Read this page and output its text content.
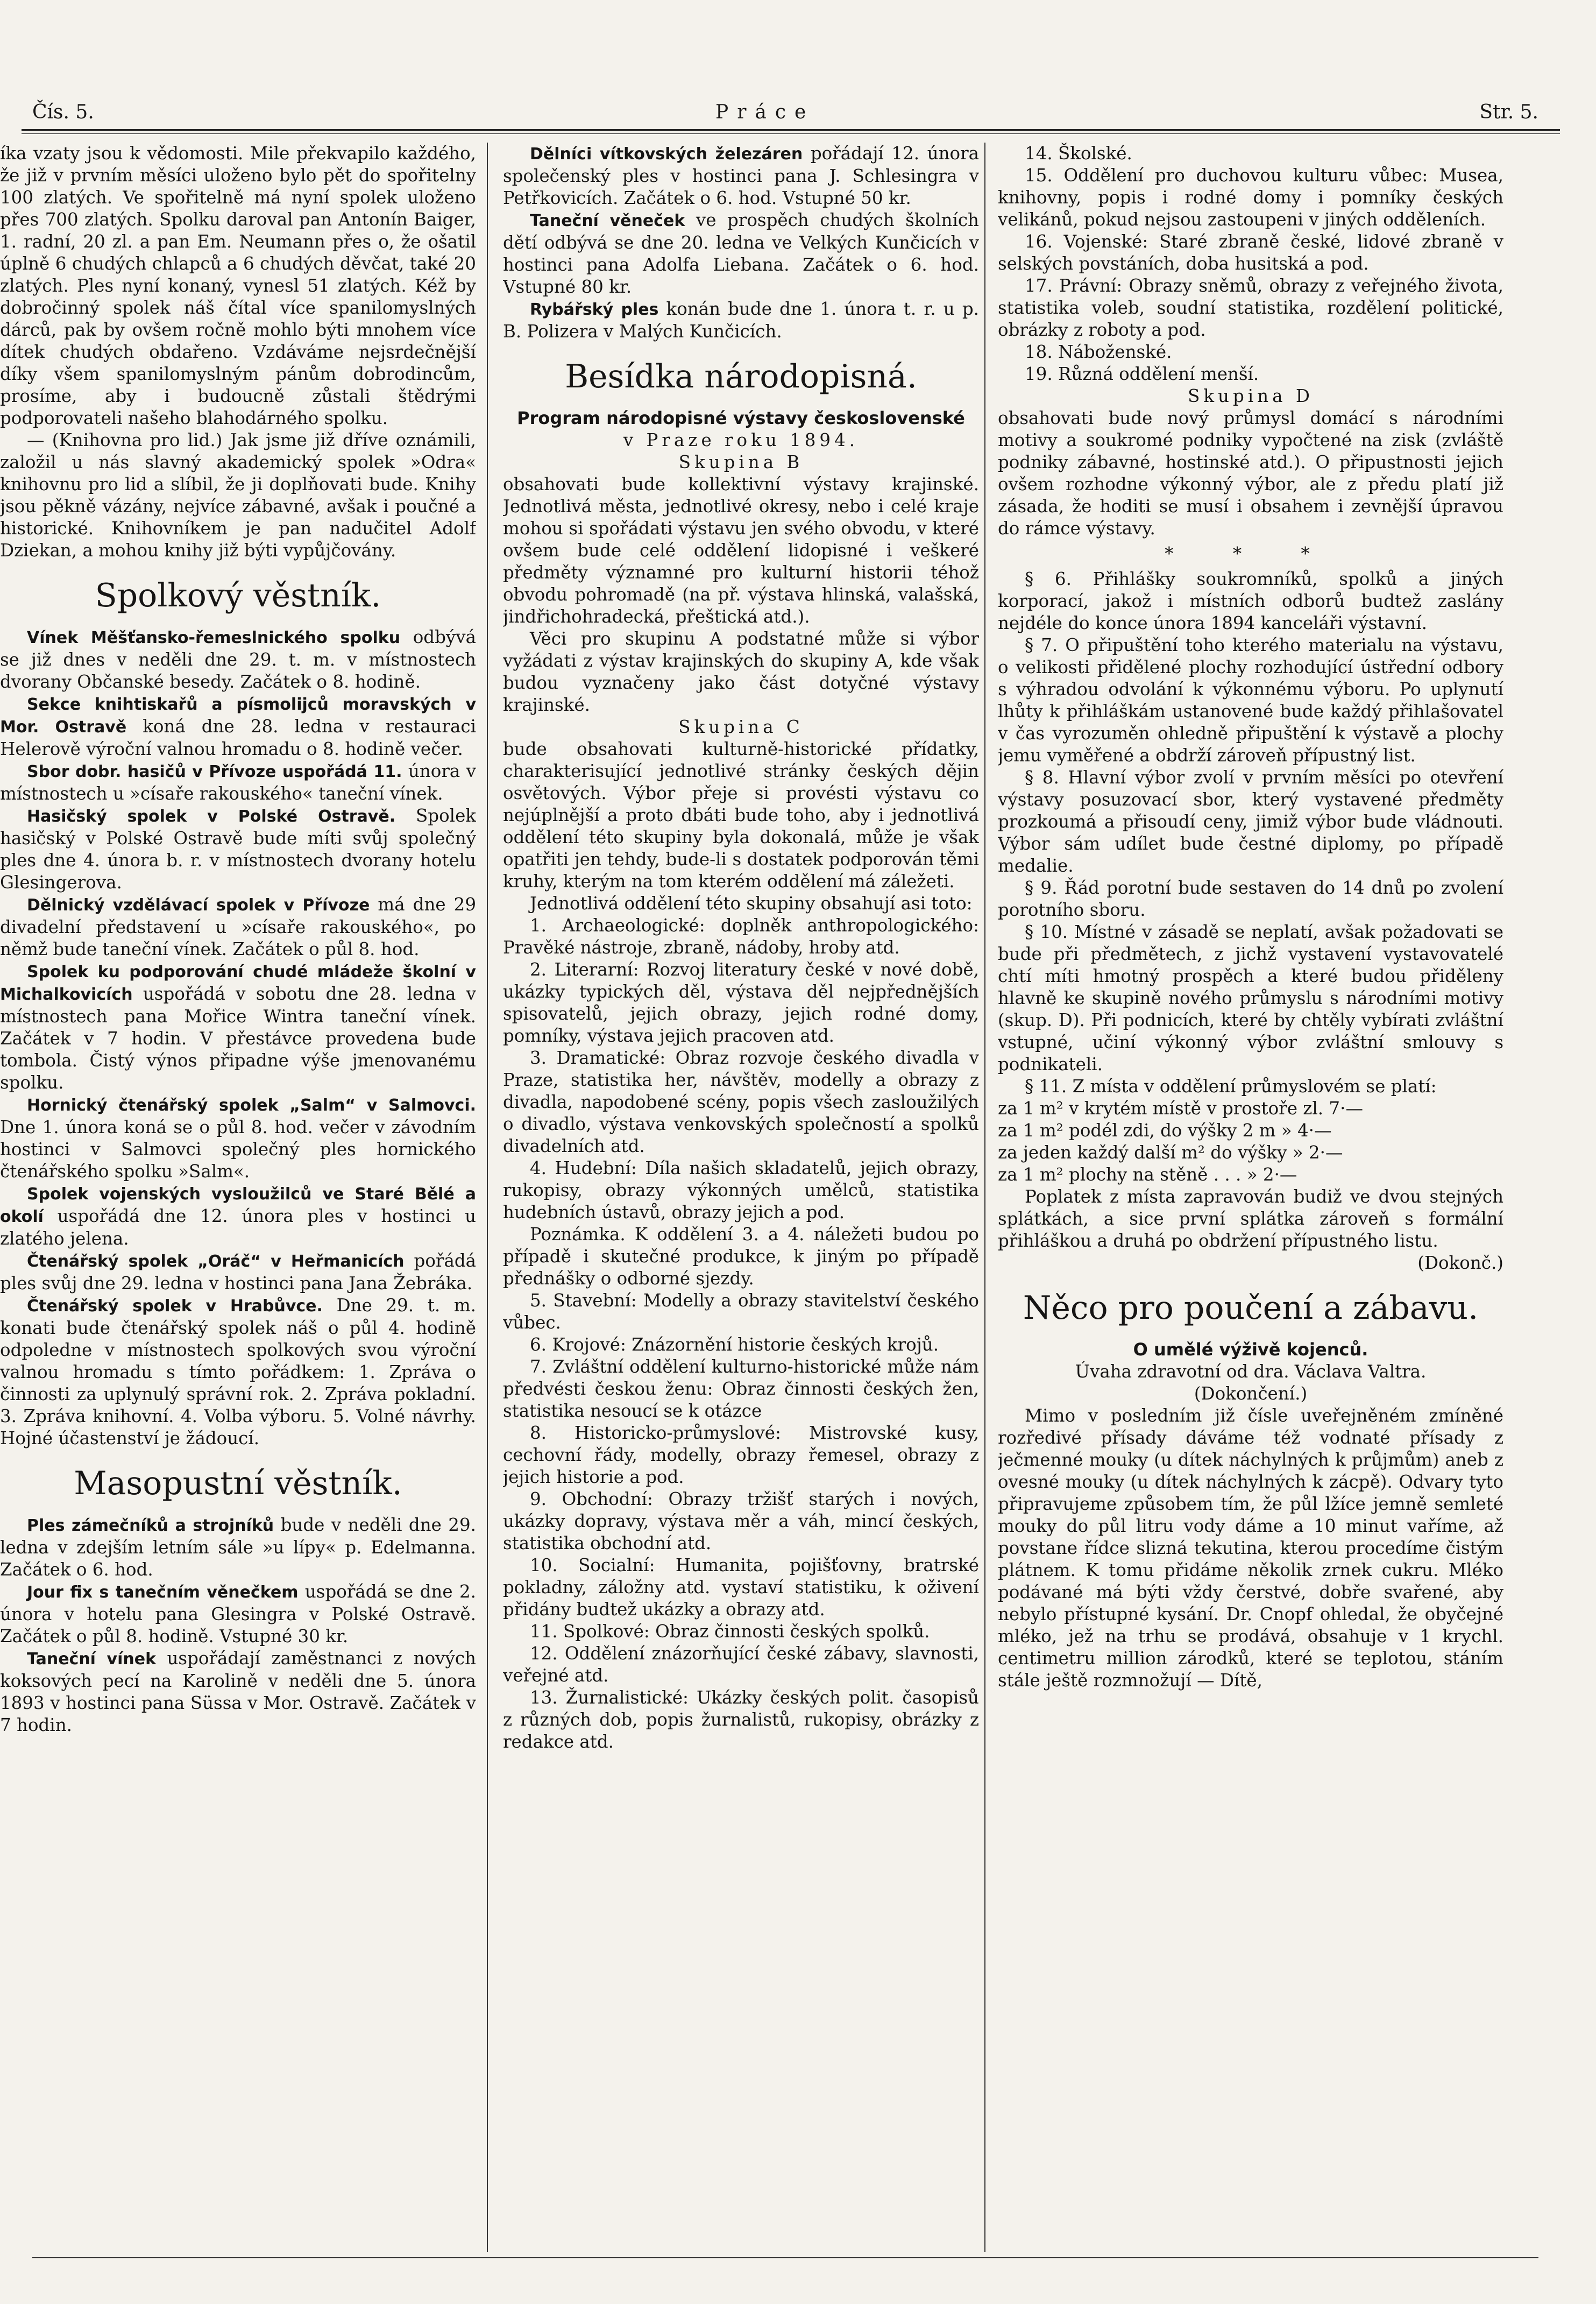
Čís. 5.	Práce	Str. 5.

íka vzaty jsou k vědomosti. Mile překvapilo každého, že již v prvním měsíci uloženo bylo pět do spořitelny 100 zlatých. Ve spořitelně má nyní spolek uloženo přes 700 zlatých. Spolku daroval pan Antonín Baiger, 1. radní, 20 zl. a pan Em. Neumann přes o, že ošatil úplně 6 chudých chlapců a 6 chudých děvčat, také 20 zlatých. Ples nyní konaný, vynesl 51 zlatých. Kéž by dobročinný spolek náš čítal více spanilomyslných dárců, pak by ovšem ročně mohlo býti mnohem více dítek chudých obdařeno. Vzdáváme nejsrdečnější díky všem spanilomyslným pánům dobrodincům, prosíme, aby i budoucně zůstali štědrými podporovateli našeho blahodárného spolku.

— (Knihovna pro lid.) Jak jsme již dříve oznámili, založil u nás slavný akademický spolek »Odra« knihovnu pro lid a slíbil, že ji doplňovati bude. Knihy jsou pěkně vázány, nejvíce zábavné, avšak i poučné a historické. Knihovníkem je pan nadučitel Adolf Dziekan, a mohou knihy již býti vypůjčovány.

Spolkový věstník.

Vínek Měšťansko-řemeslnického spolku odbývá se již dnes v neděli dne 29. t. m. v místnostech dvorany Občanské besedy. Začátek o 8. hodině.

Sekce knihtiskařů a písmolijců moravských v Mor. Ostravě koná dne 28. ledna v restauraci Helerově výroční valnou hromadu o 8. hodině večer.

Sbor dobr. hasičů v Přívoze uspořádá 11. února v místnostech u »císaře rakouského« taneční vínek.

Hasičský spolek v Polské Ostravě. Spolek hasičský v Polské Ostravě bude míti svůj společný ples dne 4. února b. r. v místnostech dvorany hotelu Glesingerova.

Dělnický vzdělávací spolek v Přívoze má dne 29 divadelní představení u »císaře rakouského«, po němž bude taneční vínek. Začátek o půl 8. hod.

Spolek ku podporování chudé mládeže školní v Michalkovicích uspořádá v sobotu dne 28. ledna v místnostech pana Mořice Wintra taneční vínek. Začátek v 7 hodin. V přestávce provedena bude tombola. Čistý výnos připadne výše jmenovanému spolku.

Hornický čtenářský spolek „Salm“ v Salmovci. Dne 1. února koná se o půl 8. hod. večer v závodním hostinci v Salmovci společný ples hornického čtenářského spolku »Salm«.

Spolek vojenských vysloužilců ve Staré Bělé a okolí uspořádá dne 12. února ples v hostinci u zlatého jelena.

Čtenářský spolek „Oráč“ v Heřmanicích pořádá ples svůj dne 29. ledna v hostinci pana Jana Žebráka.

Čtenářský spolek v Hrabůvce. Dne 29. t. m. konati bude čtenářský spolek náš o půl 4. hodině odpoledne v místnostech spolkových svou výroční valnou hromadu s tímto pořádkem: 1. Zpráva o činnosti za uplynulý správní rok. 2. Zpráva pokladní. 3. Zpráva knihovní. 4. Volba výboru. 5. Volné návrhy. Hojné účastenství je žádoucí.

Masopustní věstník.

Ples zámečníků a strojníků bude v neděli dne 29. ledna v zdejším letním sále »u lípy« p. Edelmanna. Začátek o 6. hod.

Jour fix s tanečním věnečkem uspořádá se dne 2. února v hotelu pana Glesingra v Polské Ostravě. Začátek o půl 8. hodině. Vstupné 30 kr.

Taneční vínek uspořádají zaměstnanci z nových koksových pecí na Karolině v neděli dne 5. února 1893 v hostinci pana Süssa v Mor. Ostravě. Začátek v 7 hodin.

Dělníci vítkovských železáren pořádají 12. února společenský ples v hostinci pana J. Schlesingra v Petřkovicích. Začátek o 6. hod. Vstupné 50 kr.

Taneční věneček ve prospěch chudých školních dětí odbývá se dne 20. ledna ve Velkých Kunčicích v hostinci pana Adolfa Liebana. Začátek o 6. hod. Vstupné 80 kr.

Rybářský ples konán bude dne 1. února t. r. u p. B. Polizera v Malých Kunčicích.

Besídka národopisná.

Program národopisné výstavy československé

v Praze roku 1894.

Skupina B

obsahovati bude kollektivní výstavy krajinské. Jednotlivá města, jednotlivé okresy, nebo i celé kraje mohou si spořádati výstavu jen svého obvodu, v které ovšem bude celé oddělení lidopisné i veškeré předměty významné pro kulturní historii téhož obvodu pohromadě (na př. výstava hlinská, valašská, jindřichohradecká, přeštická atd.).

Věci pro skupinu A podstatné může si výbor vyžádati z výstav krajinských do skupiny A, kde však budou vyznačeny jako část dotyčné výstavy krajinské.

Skupina C

bude obsahovati kulturně-historické přídatky, charakterisující jednotlivé stránky českých dějin osvětových. Výbor přeje si provésti výstavu co nejúplnější a proto dbáti bude toho, aby i jednotlivá oddělení této skupiny byla dokonalá, může je však opatřiti jen tehdy, bude-li s dostatek podporován těmi kruhy, kterým na tom kterém oddělení má záležeti.

Jednotlivá oddělení této skupiny obsahují asi toto:

1. Archaeologické: doplněk anthropologického: Pravěké nástroje, zbraně, nádoby, hroby atd.

2. Literarní: Rozvoj literatury české v nové době, ukázky typických děl, výstava děl nejpřednějších spisovatelů, jejich obrazy, jejich rodné domy, pomníky, výstava jejich pracoven atd.

3. Dramatické: Obraz rozvoje českého divadla v Praze, statistika her, návštěv, modelly a obrazy z divadla, napodobené scény, popis všech zasloužilých o divadlo, výstava venkovských společností a spolků divadelních atd.

4. Hudební: Díla našich skladatelů, jejich obrazy, rukopisy, obrazy výkonných umělců, statistika hudebních ústavů, obrazy jejich a pod.

Poznámka. K oddělení 3. a 4. náležeti budou po případě i skutečné produkce, k jiným po případě přednášky o odborné sjezdy.

5. Stavební: Modelly a obrazy stavitelství českého vůbec.

6. Krojové: Znázornění historie českých krojů.

7. Zvláštní oddělení kulturno-historické může nám předvésti českou ženu: Obraz činnosti českých žen, statistika nesoucí se k otázce

8. Historicko-průmyslové: Mistrovské kusy, cechovní řády, modelly, obrazy řemesel, obrazy z jejich historie a pod.

9. Obchodní: Obrazy tržišť starých i nových, ukázky dopravy, výstava měr a váh, mincí českých, statistika obchodní atd.

10. Socialní: Humanita, pojišťovny, bratrské pokladny, záložny atd. vystaví statistiku, k oživení přidány budtež ukázky a obrazy atd.

11. Spolkové: Obraz činnosti českých spolků.

12. Oddělení znázorňující české zábavy, slavnosti, veřejné atd.

13. Žurnalistické: Ukázky českých polit. časopisů z různých dob, popis žurnalistů, rukopisy, obrázky z redakce atd.

14. Školské.

15. Oddělení pro duchovou kulturu vůbec: Musea, knihovny, popis i rodné domy i pomníky českých velikánů, pokud nejsou zastoupeni v jiných odděleních.

16. Vojenské: Staré zbraně české, lidové zbraně v selských povstáních, doba husitská a pod.

17. Právní: Obrazy sněmů, obrazy z veřejného života, statistika voleb, soudní statistika, rozdělení politické, obrázky z roboty a pod.

18. Náboženské.

19. Různá oddělení menší.

Skupina D

obsahovati bude nový průmysl domácí s národními motivy a soukromé podniky vypočtené na zisk (zvláště podniky zábavné, hostinské atd.). O připustnosti jejich ovšem rozhodne výkonný výbor, ale z předu platí již zásada, že hoditi se musí i obsahem i zevnější úpravou do rámce výstavy.

* * *

§ 6. Přihlášky soukromníků, spolků a jiných korporací, jakož i místních odborů budtež zaslány nejdéle do konce února 1894 kanceláři výstavní.

§ 7. O připuštění toho kterého materialu na výstavu, o velikosti přidělené plochy rozhodující ústřední odbory s výhradou odvolání k výkonnému výboru. Po uplynutí lhůty k přihláškám ustanovené bude každý přihlašovatel v čas vyrozuměn ohledně připuštění k výstavě a plochy jemu vyměřené a obdrží zároveň přípustný list.

§ 8. Hlavní výbor zvolí v prvním měsíci po otevření výstavy posuzovací sbor, který vystavené předměty prozkoumá a přisoudí ceny, jimiž výbor bude vládnouti. Výbor sám udílet bude čestné diplomy, po případě medalie.

§ 9. Řád porotní bude sestaven do 14 dnů po zvolení porotního sboru.

§ 10. Místné v zásadě se neplatí, avšak požadovati se bude při předmětech, z jichž vystavení vystavovatelé chtí míti hmotný prospěch a které budou přiděleny hlavně ke skupině nového průmyslu s národními motivy (skup. D). Při podnicích, které by chtěly vybírati zvláštní vstupné, učiní výkonný výbor zvláštní smlouvy s podnikateli.

§ 11. Z místa v oddělení průmyslovém se platí:

za 1 m² v krytém místě v prostoře zl. 7·—

za 1 m² podél zdi, do výšky 2 m » 4·—

za jeden každý další m² do výšky » 2·—

za 1 m² plochy na stěně . . . » 2·—

Poplatek z místa zapravován budiž ve dvou stejných splátkách, a sice první splátka zároveň s formální přihláškou a druhá po obdržení přípustného listu.

(Dokonč.)

Něco pro poučení a zábavu.

O umělé výživě kojenců.

Úvaha zdravotní od dra. Václava Valtra.

(Dokončení.)

Mimo v posledním již čísle uveřejněném zmíněné rozředivé přísady dáváme též vodnaté přísady z ječmenné mouky (u dítek náchylných k průjmům) aneb z ovesné mouky (u dítek náchylných k zácpě). Odvary tyto připravujeme způsobem tím, že půl lžíce jemně semleté mouky do půl litru vody dáme a 10 minut vaříme, až povstane řídce slizná tekutina, kterou procedíme čistým plátnem. K tomu přidáme několik zrnek cukru. Mléko podávané má býti vždy čerstvé, dobře svařené, aby nebylo přístupné kysání. Dr. Cnopf ohledal, že obyčejné mléko, jež na trhu se prodává, obsahuje v 1 krychl. centimetru million zárodků, které se teplotou, stáním stále ještě rozmnožují — Dítě,
